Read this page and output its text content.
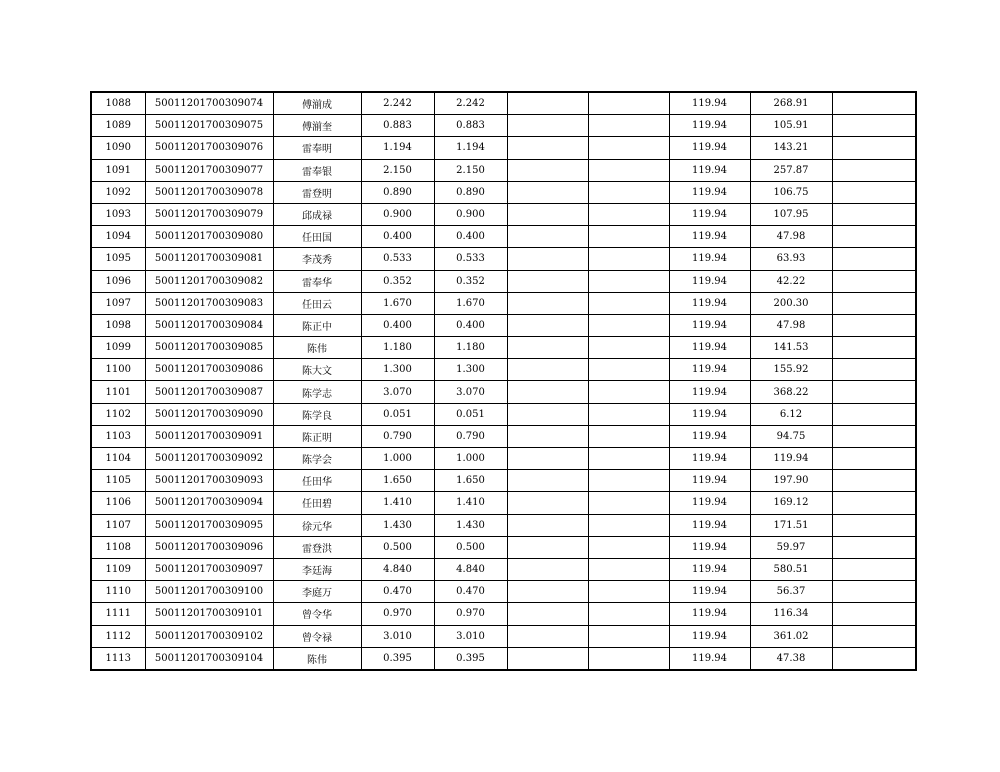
1088	50011201700309074	傅湔成	2.242	2.242			119.94	268.91	
1089	50011201700309075	傅湔奎	0.883	0.883			119.94	105.91	
1090	50011201700309076	雷奉明	1.194	1.194			119.94	143.21	
1091	50011201700309077	雷奉银	2.150	2.150			119.94	257.87	
1092	50011201700309078	雷登明	0.890	0.890			119.94	106.75	
1093	50011201700309079	邱成禄	0.900	0.900			119.94	107.95	
1094	50011201700309080	任田国	0.400	0.400			119.94	47.98	
1095	50011201700309081	李茂秀	0.533	0.533			119.94	63.93	
1096	50011201700309082	雷奉华	0.352	0.352			119.94	42.22	
1097	50011201700309083	任田云	1.670	1.670			119.94	200.30	
1098	50011201700309084	陈正中	0.400	0.400			119.94	47.98	
1099	50011201700309085	陈伟	1.180	1.180			119.94	141.53	
1100	50011201700309086	陈大文	1.300	1.300			119.94	155.92	
1101	50011201700309087	陈学志	3.070	3.070			119.94	368.22	
1102	50011201700309090	陈学良	0.051	0.051			119.94	6.12	
1103	50011201700309091	陈正明	0.790	0.790			119.94	94.75	
1104	50011201700309092	陈学会	1.000	1.000			119.94	119.94	
1105	50011201700309093	任田华	1.650	1.650			119.94	197.90	
1106	50011201700309094	任田碧	1.410	1.410			119.94	169.12	
1107	50011201700309095	徐元华	1.430	1.430			119.94	171.51	
1108	50011201700309096	雷登洪	0.500	0.500			119.94	59.97	
1109	50011201700309097	李廷海	4.840	4.840			119.94	580.51	
1110	50011201700309100	李庭万	0.470	0.470			119.94	56.37	
1111	50011201700309101	曾令华	0.970	0.970			119.94	116.34	
1112	50011201700309102	曾令禄	3.010	3.010			119.94	361.02	
1113	50011201700309104	陈伟	0.395	0.395			119.94	47.38	
